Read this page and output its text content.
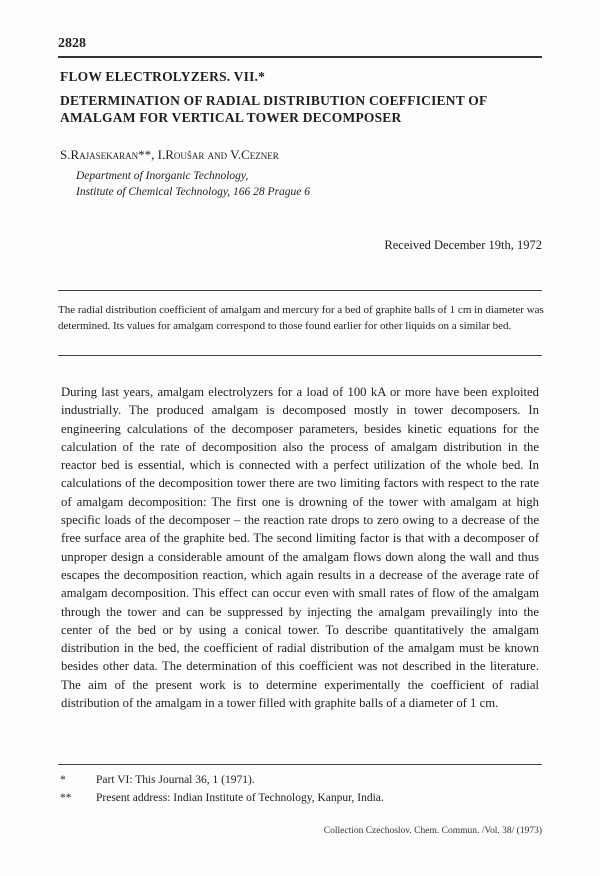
2828
FLOW ELECTROLYZERS. VII.*
DETERMINATION OF RADIAL DISTRIBUTION COEFFICIENT OF AMALGAM FOR VERTICAL TOWER DECOMPOSER
S.Rajasekaran**, I.Roušar and V.Cezner
Department of Inorganic Technology,
Institute of Chemical Technology, 166 28 Prague 6
Received December 19th, 1972
The radial distribution coefficient of amalgam and mercury for a bed of graphite balls of 1 cm in diameter was determined. Its values for amalgam correspond to those found earlier for other liquids on a similar bed.
During last years, amalgam electrolyzers for a load of 100 kA or more have been exploited industrially. The produced amalgam is decomposed mostly in tower decomposers. In engineering calculations of the decomposer parameters, besides kinetic equations for the calculation of the rate of decomposition also the process of amalgam distribution in the reactor bed is essential, which is connected with a perfect utilization of the whole bed. In calculations of the decomposition tower there are two limiting factors with respect to the rate of amalgam decomposition: The first one is drowning of the tower with amalgam at high specific loads of the decomposer – the reaction rate drops to zero owing to a decrease of the free surface area of the graphite bed. The second limiting factor is that with a decomposer of unproper design a considerable amount of the amalgam flows down along the wall and thus escapes the decomposition reaction, which again results in a decrease of the average rate of amalgam decomposition. This effect can occur even with small rates of flow of the amalgam through the tower and can be suppressed by injecting the amalgam prevailingly into the center of the bed or by using a conical tower. To describe quantitatively the amalgam distribution in the bed, the coefficient of radial distribution of the amalgam must be known besides other data. The determination of this coefficient was not described in the literature. The aim of the present work is to determine experimentally the coefficient of radial distribution of the amalgam in a tower filled with graphite balls of a diameter of 1 cm.
*	Part VI: This Journal 36, 1 (1971).
**	Present address: Indian Institute of Technology, Kanpur, India.
Collection Czechoslov. Chem. Commun. /Vol. 38/ (1973)
